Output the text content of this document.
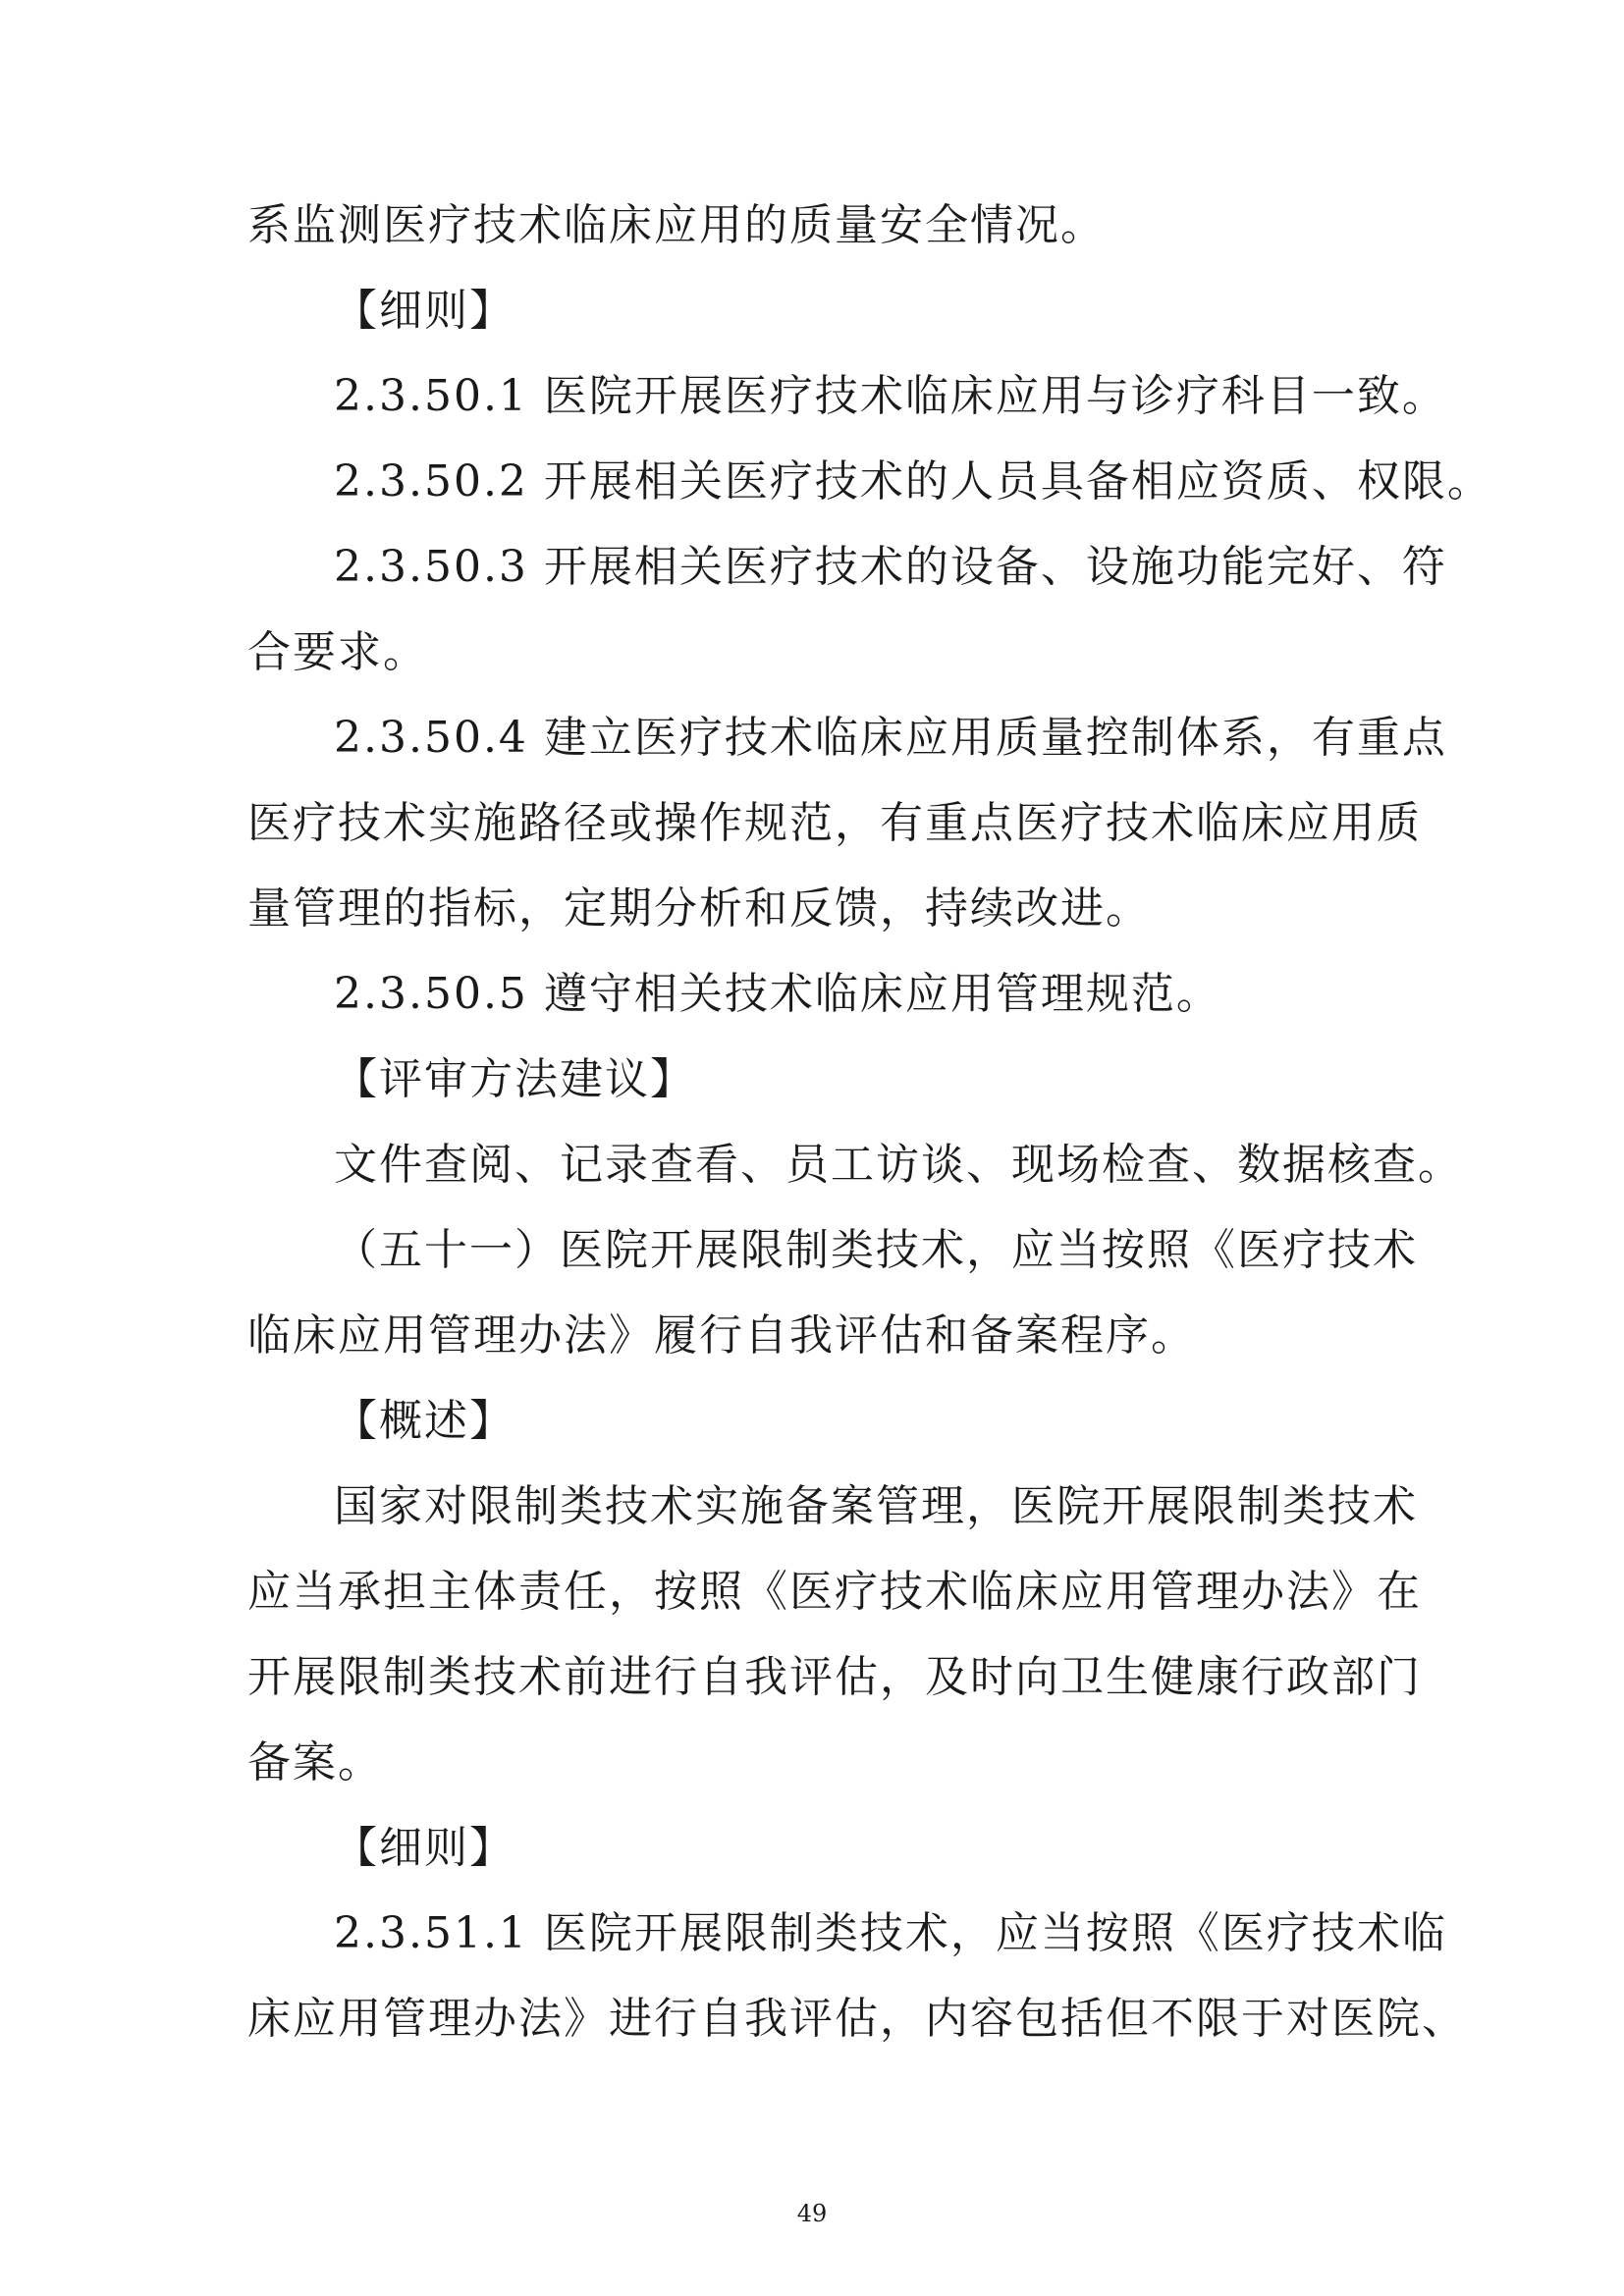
系监测医疗技术临床应用的质量安全情况。
【细则】
2.3.50.1 医院开展医疗技术临床应用与诊疗科目一致。
2.3.50.2 开展相关医疗技术的人员具备相应资质、权限。
2.3.50.3 开展相关医疗技术的设备、设施功能完好、符
合要求。
2.3.50.4 建立医疗技术临床应用质量控制体系，有重点
医疗技术实施路径或操作规范，有重点医疗技术临床应用质
量管理的指标，定期分析和反馈，持续改进。
2.3.50.5 遵守相关技术临床应用管理规范。
【评审方法建议】
文件查阅、记录查看、员工访谈、现场检查、数据核查。
（五十一）医院开展限制类技术，应当按照《医疗技术
临床应用管理办法》履行自我评估和备案程序。
【概述】
国家对限制类技术实施备案管理，医院开展限制类技术
应当承担主体责任，按照《医疗技术临床应用管理办法》在
开展限制类技术前进行自我评估，及时向卫生健康行政部门
备案。
【细则】
2.3.51.1 医院开展限制类技术，应当按照《医疗技术临
床应用管理办法》进行自我评估，内容包括但不限于对医院、
49
